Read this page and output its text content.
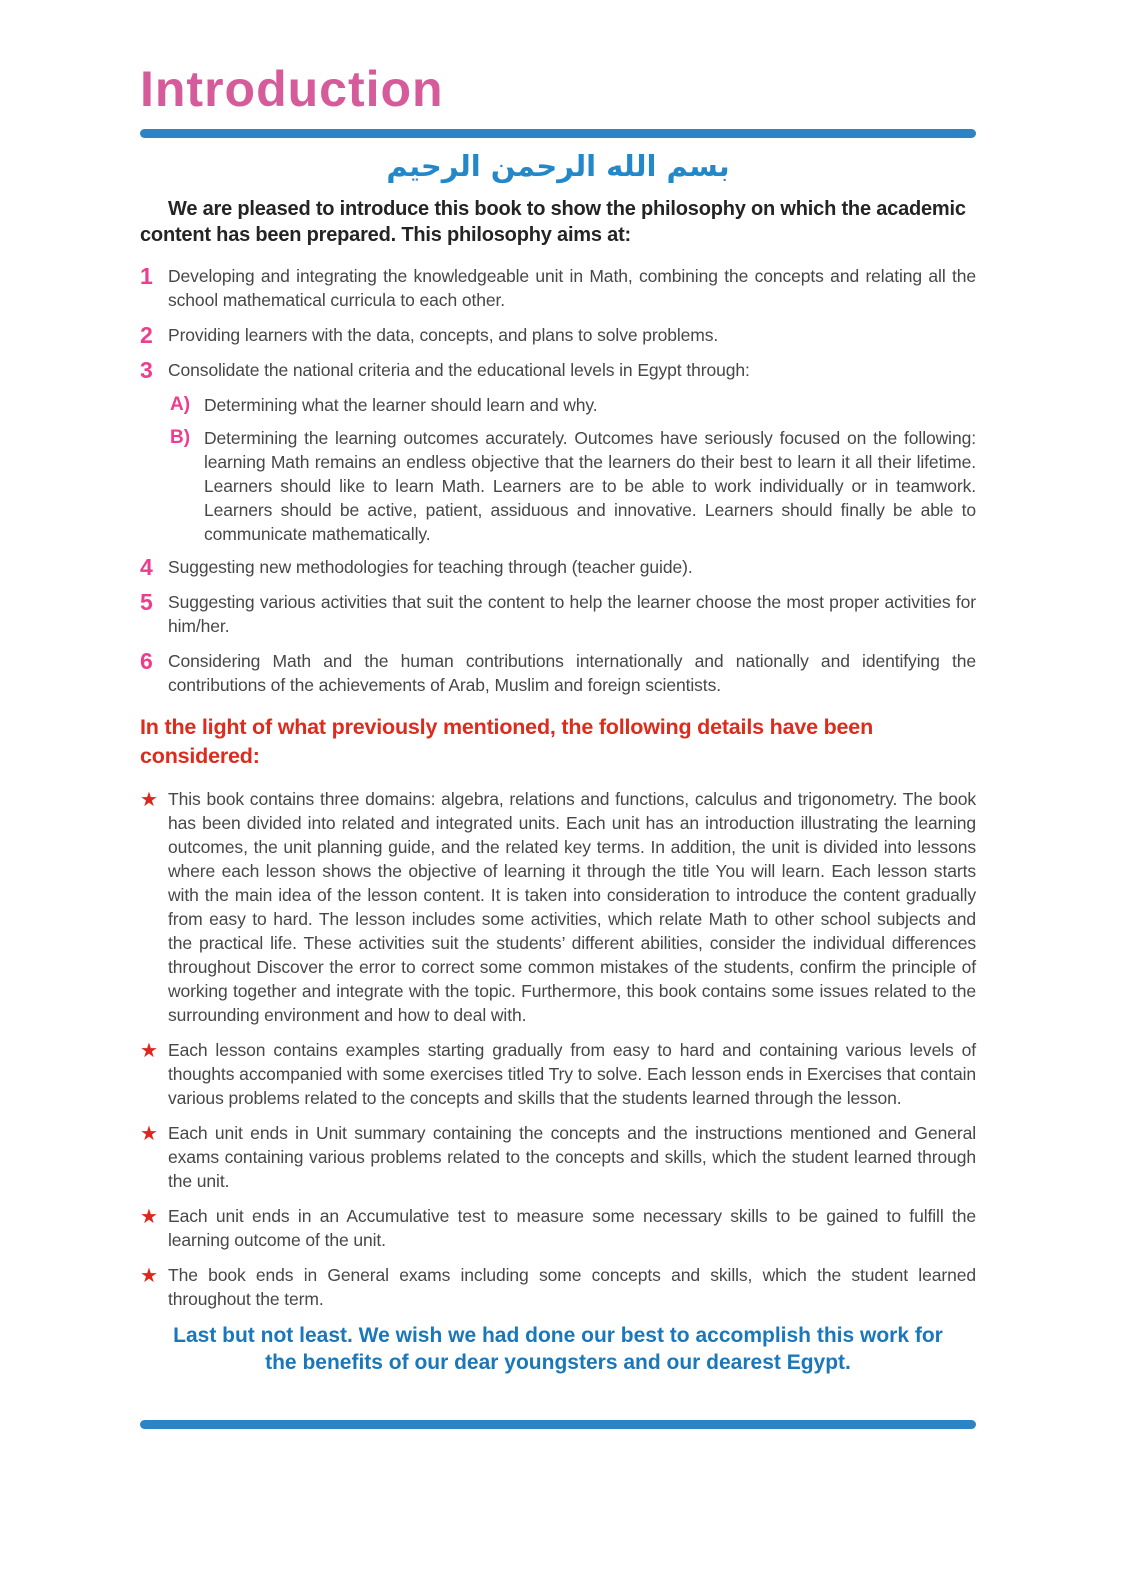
Introduction
بسم الله الرحمن الرحيم

We are pleased to introduce this book to show the philosophy on which the academic content has been prepared. This philosophy aims at:

1 Developing and integrating the knowledgeable unit in Math, combining the concepts and relating all the school mathematical curricula to each other.
2 Providing learners with the data, concepts, and plans to solve problems.
3 Consolidate the national criteria and the educational levels in Egypt through:
A) Determining what the learner should learn and why.
B) Determining the learning outcomes accurately. Outcomes have seriously focused on the following: learning Math remains an endless objective that the learners do their best to learn it all their lifetime. Learners should like to learn Math. Learners are to be able to work individually or in teamwork. Learners should be active, patient, assiduous and innovative. Learners should finally be able to communicate mathematically.
4 Suggesting new methodologies for teaching through (teacher guide).
5 Suggesting various activities that suit the content to help the learner choose the most proper activities for him/her.
6 Considering Math and the human contributions internationally and nationally and identifying the contributions of the achievements of Arab, Muslim and foreign scientists.
In the light of what previously mentioned, the following details have been considered:
★ This book contains three domains: algebra, relations and functions, calculus and trigonometry. The book has been divided into related and integrated units. Each unit has an introduction illustrating the learning outcomes, the unit planning guide, and the related key terms. In addition, the unit is divided into lessons where each lesson shows the objective of learning it through the title You will learn. Each lesson starts with the main idea of the lesson content. It is taken into consideration to introduce the content gradually from easy to hard. The lesson includes some activities, which relate Math to other school subjects and the practical life. These activities suit the students’ different abilities, consider the individual differences throughout Discover the error to correct some common mistakes of the students, confirm the principle of working together and integrate with the topic. Furthermore, this book contains some issues related to the surrounding environment and how to deal with.
★ Each lesson contains examples starting gradually from easy to hard and containing various levels of thoughts accompanied with some exercises titled Try to solve. Each lesson ends in Exercises that contain various problems related to the concepts and skills that the students learned through the lesson.
★ Each unit ends in Unit summary containing the concepts and the instructions mentioned and General exams containing various problems related to the concepts and skills, which the student learned through the unit.
★ Each unit ends in an Accumulative test to measure some necessary skills to be gained to fulfill the learning outcome of the unit.
★ The book ends in General exams including some concepts and skills, which the student learned throughout the term.
Last but not least. We wish we had done our best to accomplish this work for the benefits of our dear youngsters and our dearest Egypt.
